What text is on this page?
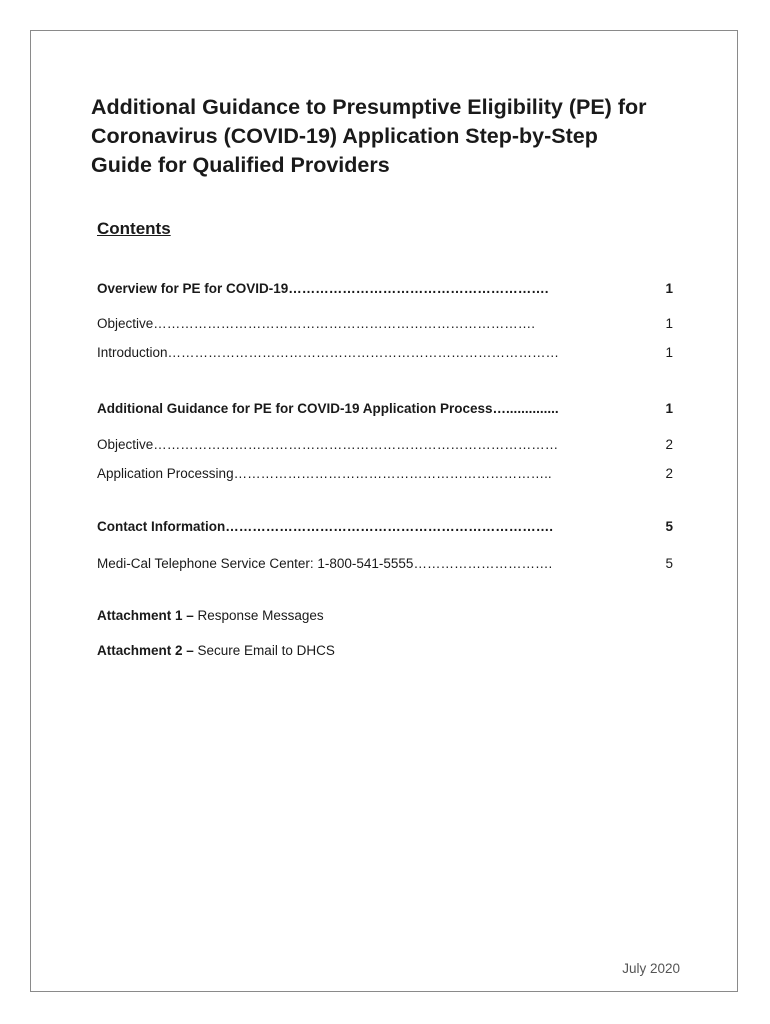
Additional Guidance to Presumptive Eligibility (PE) for
Coronavirus (COVID-19) Application Step-by-Step
Guide for Qualified Providers
Contents
Overview for PE for COVID-19………………………………………………….	1
Objective………………………………………………………………………….	1
Introduction……………………………………………………………………………	1
Additional Guidance for PE for COVID-19 Application Process…..............	1
Objective………………………………………………………………………………	2
Application Processing……………………………………………………………..	2
Contact Information……………………………………………………………….	5
Medi-Cal Telephone Service Center: 1-800-541-5555………………………….	5
Attachment 1 – Response Messages
Attachment 2 – Secure Email to DHCS
July 2020
